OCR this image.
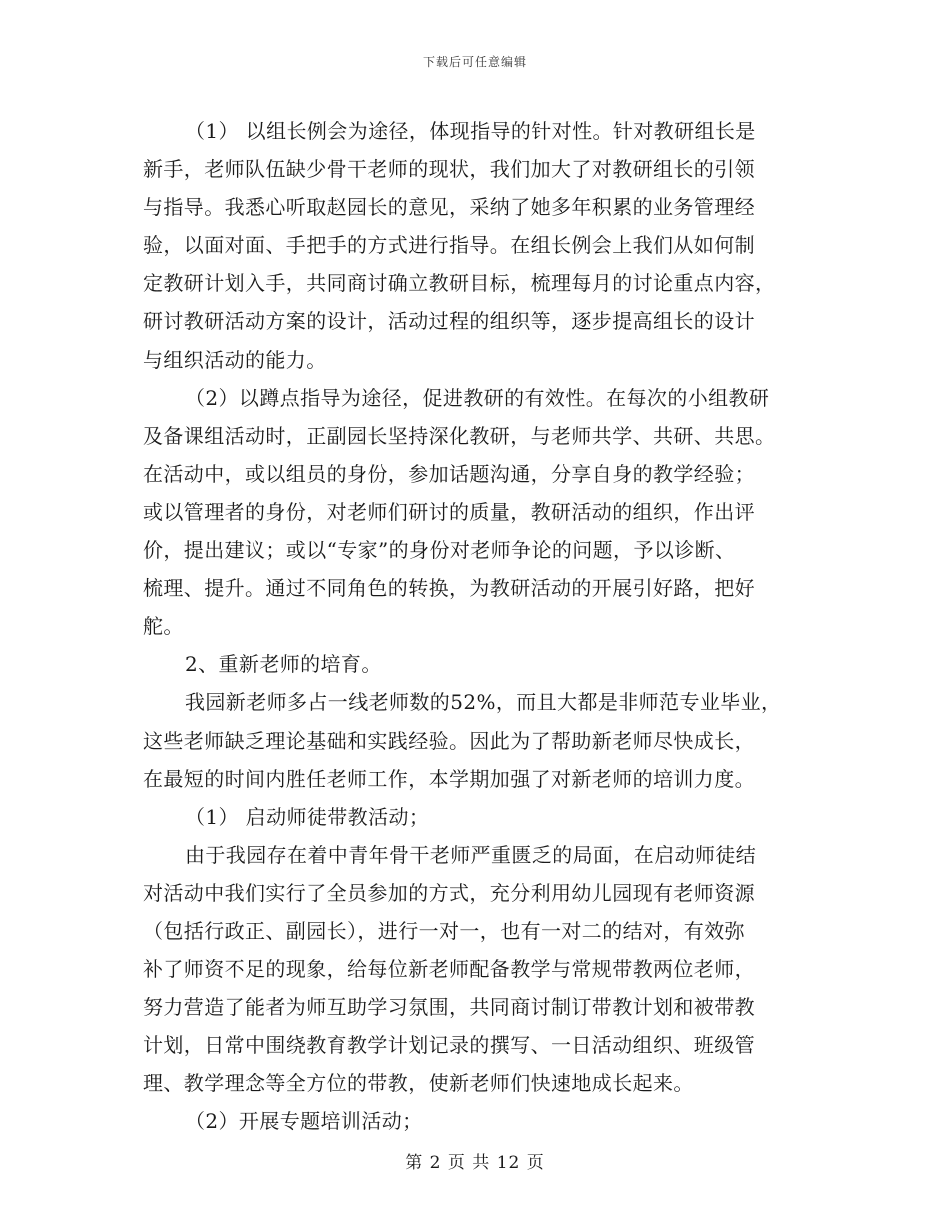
下载后可任意编辑
（1） 以组长例会为途径，体现指导的针对性。针对教研组长是
新手，老师队伍缺少骨干老师的现状，我们加大了对教研组长的引领
与指导。我悉心听取赵园长的意见，采纳了她多年积累的业务管理经
验，以面对面、手把手的方式进行指导。在组长例会上我们从如何制
定教研计划入手，共同商讨确立教研目标，梳理每月的讨论重点内容，
研讨教研活动方案的设计，活动过程的组织等，逐步提高组长的设计
与组织活动的能力。
（2）以蹲点指导为途径，促进教研的有效性。在每次的小组教研
及备课组活动时，正副园长坚持深化教研，与老师共学、共研、共思。
在活动中，或以组员的身份，参加话题沟通，分享自身的教学经验；
或以管理者的身份，对老师们研讨的质量，教研活动的组织，作出评
价，提出建议；或以“专家”的身份对老师争论的问题，予以诊断、
梳理、提升。通过不同角色的转换，为教研活动的开展引好路，把好
舵。
2、重新老师的培育。
我园新老师多占一线老师数的52%，而且大都是非师范专业毕业，
这些老师缺乏理论基础和实践经验。因此为了帮助新老师尽快成长，
在最短的时间内胜任老师工作，本学期加强了对新老师的培训力度。
（1） 启动师徒带教活动；
由于我园存在着中青年骨干老师严重匮乏的局面，在启动师徒结
对活动中我们实行了全员参加的方式，充分利用幼儿园现有老师资源
（包括行政正、副园长），进行一对一，也有一对二的结对，有效弥
补了师资不足的现象，给每位新老师配备教学与常规带教两位老师，
努力营造了能者为师互助学习氛围，共同商讨制订带教计划和被带教
计划，日常中围绕教育教学计划记录的撰写、一日活动组织、班级管
理、教学理念等全方位的带教，使新老师们快速地成长起来。
（2）开展专题培训活动；
第 2 页 共 12 页
